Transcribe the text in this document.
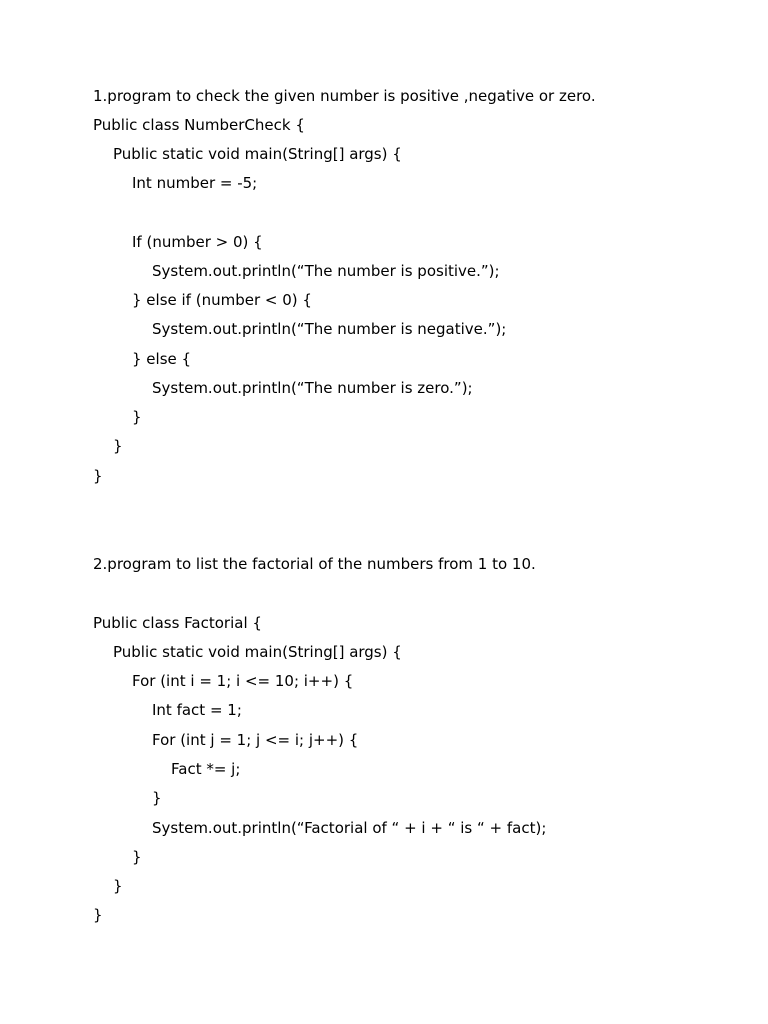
1.program to check the given number is positive ,negative or zero.
Public class NumberCheck {
Public static void main(String[] args) {
Int number = -5;
If (number > 0) {
System.out.println(“The number is positive.”);
} else if (number < 0) {
System.out.println(“The number is negative.”);
} else {
System.out.println(“The number is zero.”);
}
}
}
2.program to list the factorial of the numbers from 1 to 10.
Public class Factorial {
Public static void main(String[] args) {
For (int i = 1; i <= 10; i++) {
Int fact = 1;
For (int j = 1; j <= i; j++) {
Fact *= j;
}
System.out.println(“Factorial of “ + i + “ is “ + fact);
}
}
}
